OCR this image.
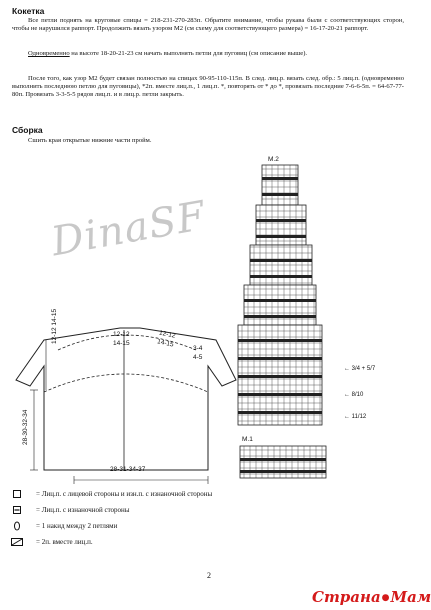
Кокетка
Все петли поднять на круговые спицы = 218-231-270-283п. Обратите внимание, чтобы рукава были с соответствующих сторон, чтобы не нарушился раппорт. Продолжить вязать узором М2 (см схему для соответствующего размера) = 16-17-20-21 раппорт.
Одновременно на высоте 18-20-21-23 см начать выполнять петли для пуговиц (см описание выше).
После того, как узор М2 будет связан полностью на спицах 90-95-110-115п. В след. лиц.р. вязать след. обр.: 5 лиц.п. (одновременно выполнить последнюю петлю для пуговицы), *2п. вместе лиц.п., 1 лиц.п. *, повторять от * до *, провязать последние 7-6-6-5п. = 64-67-77-80п. Провязать 3-3-5-5 рядов лиц.п. и в лиц.р. петли закрыть.
Сборка
Сшить края открытые нижние части пройм.
DinaSF
12-12
14-15
12-12
14-15	3-4
4-5
12-12 14-15
28-30-32-34
28-31-34-37
М.2
← 3/4 + 5/7
← 8/10
← 11/12
М.1
= Лиц.п. с лицевой стороны и изн.п. с изнаночной стороны
= Лиц.п. с изнаночной стороны
= 1 накид между 2 петлями
= 2п. вместе лиц.п.
2
Страна●Мам
